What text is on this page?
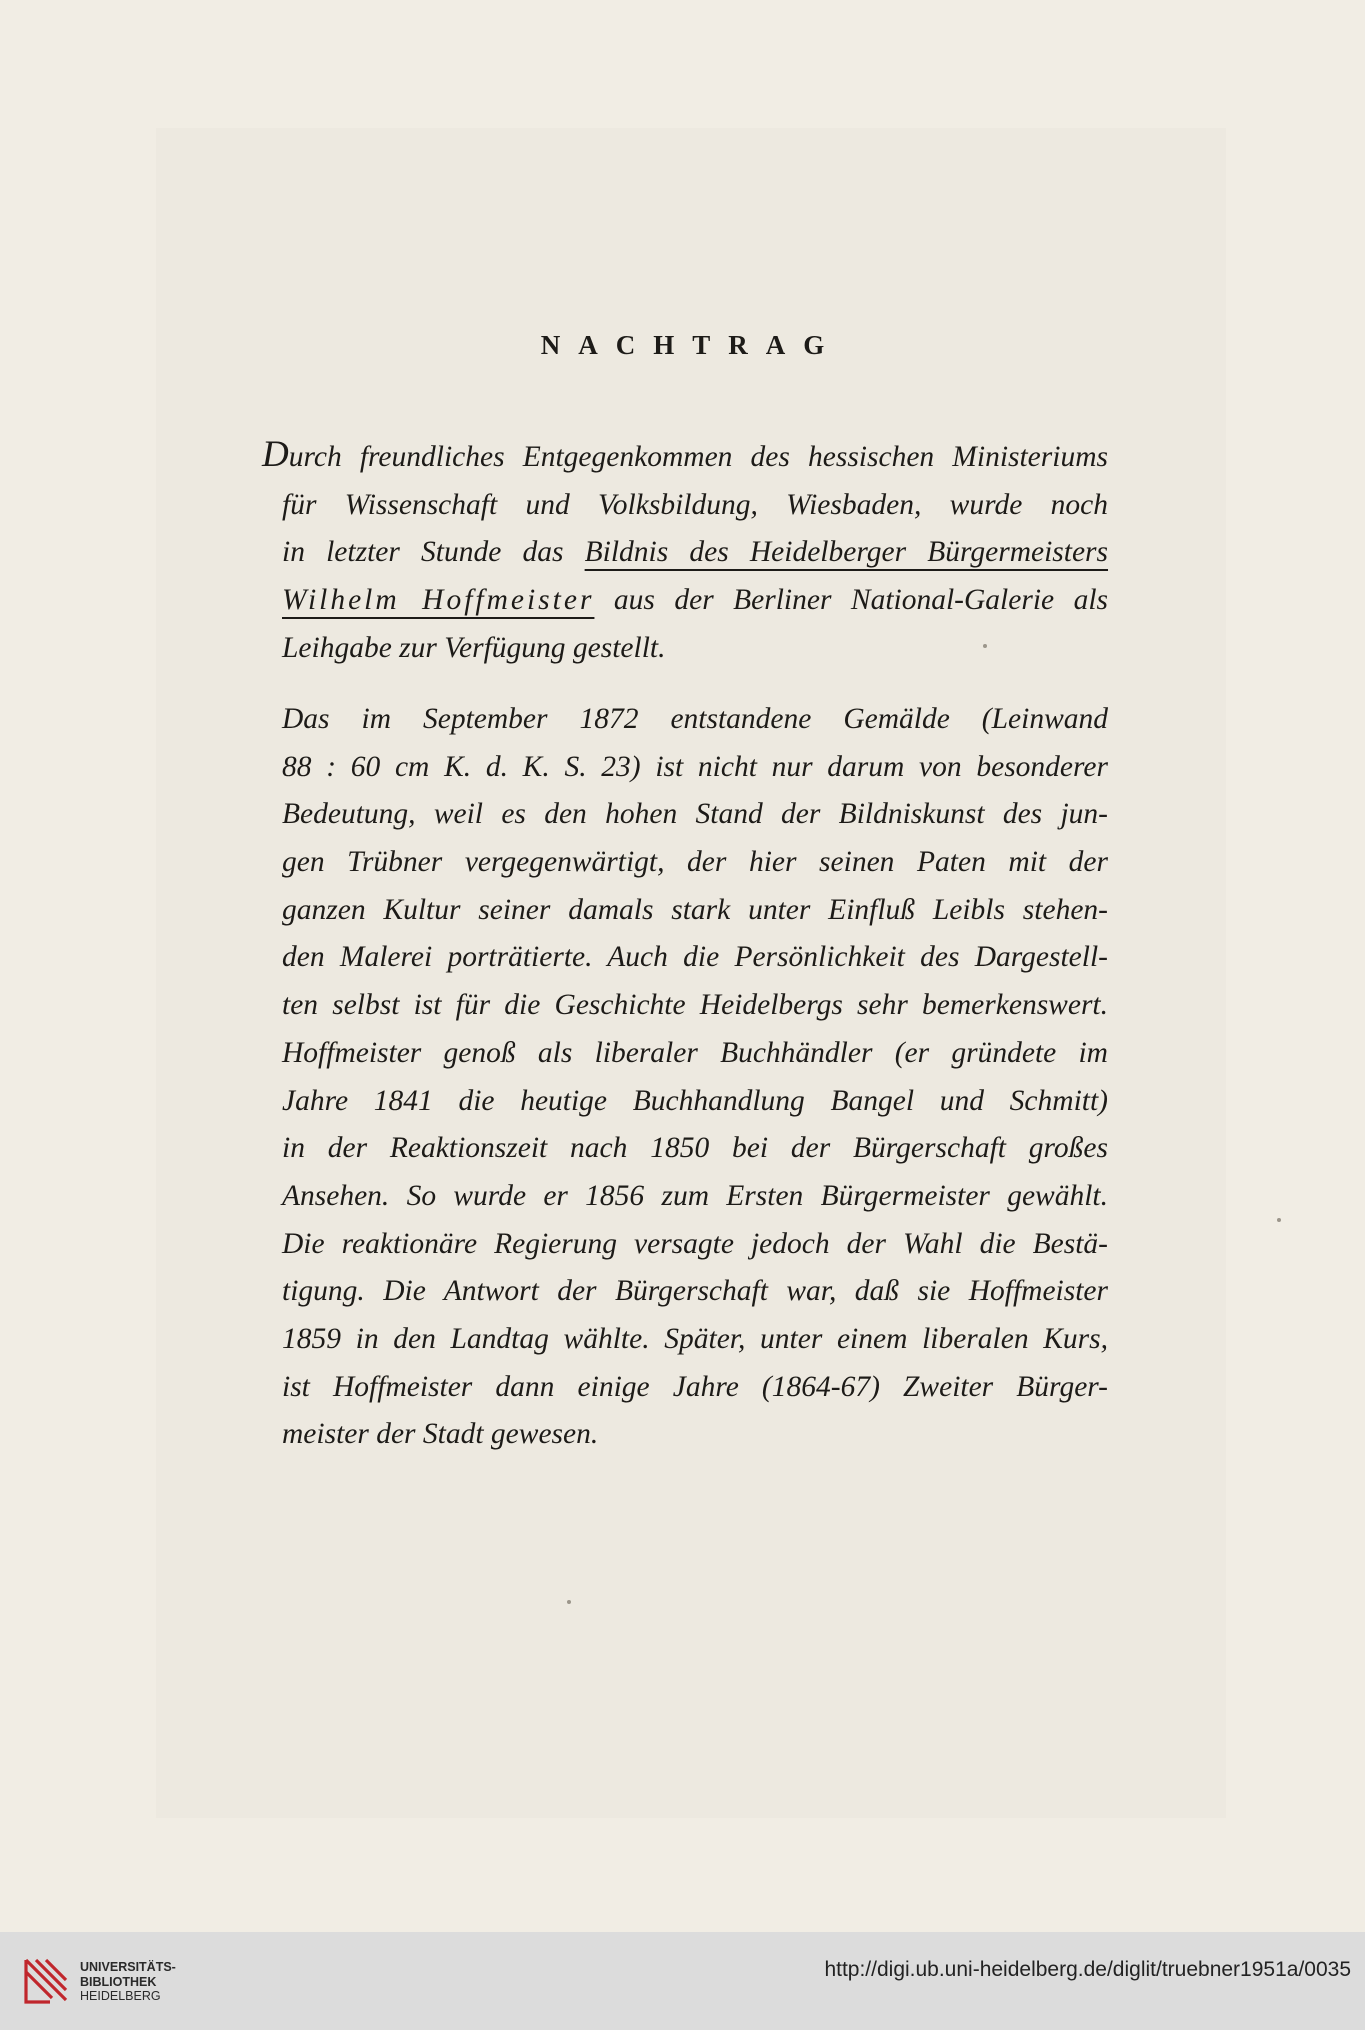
NACHTRAG
Durch freundliches Entgegenkommen des hessischen Ministeriums
für Wissenschaft und Volksbildung, Wiesbaden, wurde noch
in letzter Stunde das Bildnis des Heidelberger Bürgermeisters
Wilhelm Hoffmeister aus der Berliner National-Galerie als
Leihgabe zur Verfügung gestellt.
Das im September 1872 entstandene Gemälde (Leinwand
88 : 60 cm K. d. K. S. 23) ist nicht nur darum von besonderer
Bedeutung, weil es den hohen Stand der Bildniskunst des jun-
gen Trübner vergegenwärtigt, der hier seinen Paten mit der
ganzen Kultur seiner damals stark unter Einfluß Leibls stehen-
den Malerei porträtierte. Auch die Persönlichkeit des Dargestell-
ten selbst ist für die Geschichte Heidelbergs sehr bemerkenswert.
Hoffmeister genoß als liberaler Buchhändler (er gründete im
Jahre 1841 die heutige Buchhandlung Bangel und Schmitt)
in der Reaktionszeit nach 1850 bei der Bürgerschaft großes
Ansehen. So wurde er 1856 zum Ersten Bürgermeister gewählt.
Die reaktionäre Regierung versagte jedoch der Wahl die Bestä-
tigung. Die Antwort der Bürgerschaft war, daß sie Hoffmeister
1859 in den Landtag wählte. Später, unter einem liberalen Kurs,
ist Hoffmeister dann einige Jahre (1864-67) Zweiter Bürger-
meister der Stadt gewesen.
UNIVERSITÄTS-
BIBLIOTHEK
HEIDELBERG
http://digi.ub.uni-heidelberg.de/diglit/truebner1951a/0035
